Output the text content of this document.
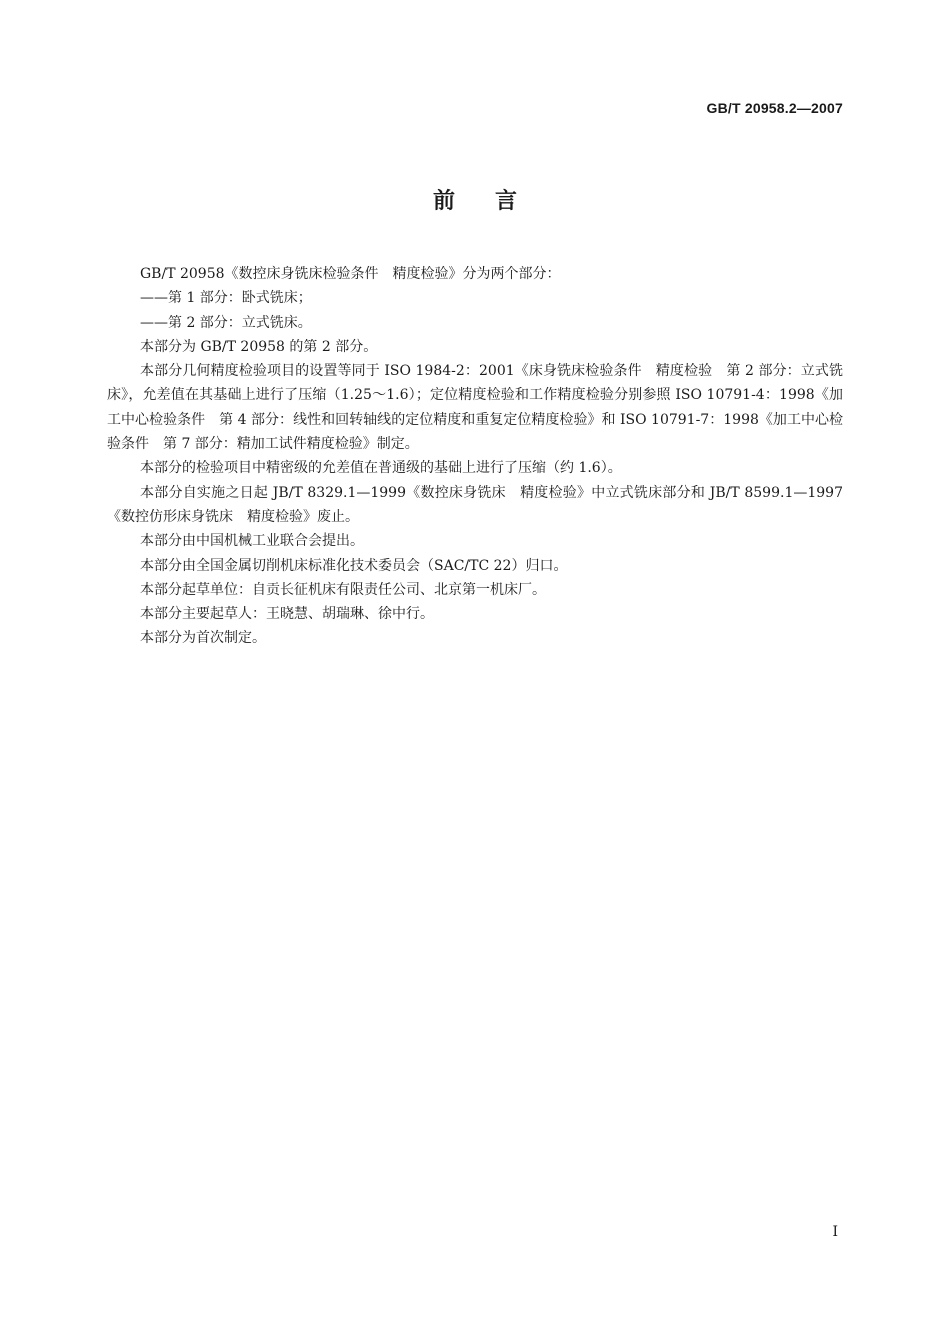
GB/T 20958.2—2007
前言

GB/T 20958《数控床身铣床检验条件　精度检验》分为两个部分：

——第 1 部分：卧式铣床；

——第 2 部分：立式铣床。

本部分为 GB/T 20958 的第 2 部分。

本部分几何精度检验项目的设置等同于 ISO 1984-2：2001《床身铣床检验条件　精度检验　第 2 部分：立式铣床》，允差值在其基础上进行了压缩（1.25～1.6）；定位精度检验和工作精度检验分别参照 ISO 10791-4：1998《加工中心检验条件　第 4 部分：线性和回转轴线的定位精度和重复定位精度检验》和 ISO 10791-7：1998《加工中心检验条件　第 7 部分：精加工试件精度检验》制定。

本部分的检验项目中精密级的允差值在普通级的基础上进行了压缩（约 1.6）。

本部分自实施之日起 JB/T 8329.1—1999《数控床身铣床　精度检验》中立式铣床部分和 JB/T 8599.1—1997《数控仿形床身铣床　精度检验》废止。

本部分由中国机械工业联合会提出。

本部分由全国金属切削机床标准化技术委员会（SAC/TC 22）归口。

本部分起草单位：自贡长征机床有限责任公司、北京第一机床厂。

本部分主要起草人：王晓慧、胡瑞琳、徐中行。

本部分为首次制定。

I
